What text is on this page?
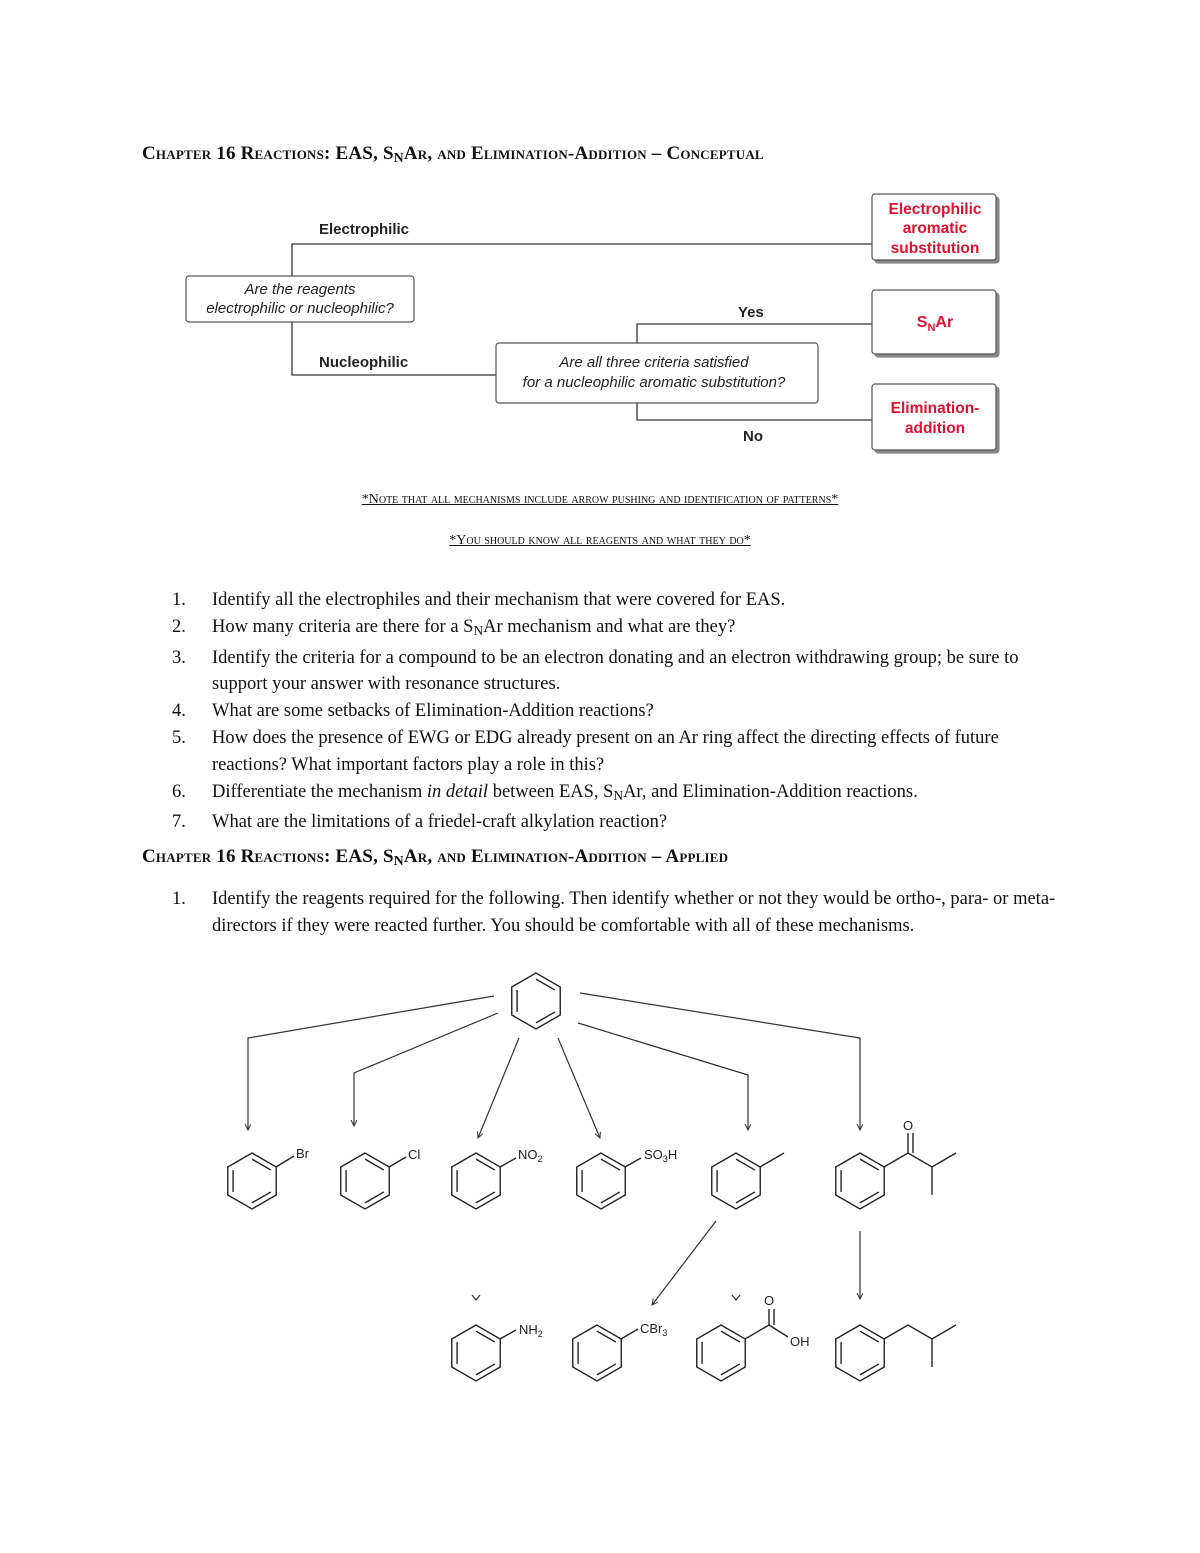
Chapter 16 Reactions: EAS, $S_NAr$, and Elimination-Addition – Conceptual
Are the reagents
electrophilic or nucleophilic?
Are all three criteria satisfied
for a nucleophilic aromatic substitution?
Electrophilic
Nucleophilic
Yes
No
Electrophilic
aromatic
substitution
$S_NAr$
Elimination-
addition
*Note that all mechanisms include arrow pushing and identification of patterns*
*You should know all reagents and what they do*
1. Identify all the electrophiles and their mechanism that were covered for EAS.
2. How many criteria are there for a $S_NAr$ mechanism and what are they?
3. Identify the criteria for a compound to be an electron donating and an electron withdrawing group; be sure to support your answer with resonance structures.
4. What are some setbacks of Elimination-Addition reactions?
5. How does the presence of EWG or EDG already present on an Ar ring affect the directing effects of future reactions? What important factors play a role in this?
6. Differentiate the mechanism in detail between EAS, $S_NAr$, and Elimination-Addition reactions.
7. What are the limitations of a friedel-craft alkylation reaction?
Chapter 16 Reactions: EAS, $S_NAr$, and Elimination-Addition – Applied
1. Identify the reagents required for the following. Then identify whether or not they would be ortho-, para- or meta- directors if they were reacted further. You should be comfortable with all of these mechanisms.
Br	Cl	$NO_2$	$SO_3H$
O
$NH_2$	CBr$_3$
O
OH
